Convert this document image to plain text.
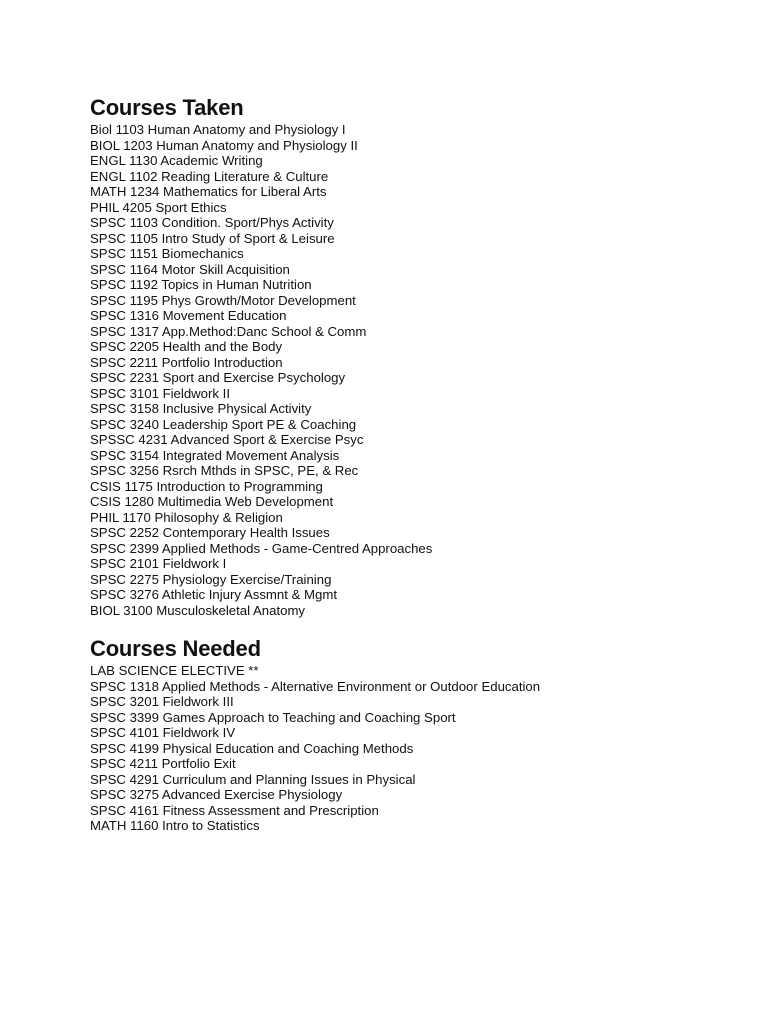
Courses Taken
Biol 1103 Human Anatomy and Physiology I
BIOL 1203 Human Anatomy and Physiology II
ENGL 1130 Academic Writing
ENGL 1102 Reading Literature & Culture
MATH 1234 Mathematics for Liberal Arts
PHIL 4205 Sport Ethics
SPSC 1103 Condition. Sport/Phys Activity
SPSC 1105 Intro Study of Sport & Leisure
SPSC 1151 Biomechanics
SPSC 1164 Motor Skill Acquisition
SPSC 1192 Topics in Human Nutrition
SPSC 1195 Phys Growth/Motor Development
SPSC 1316 Movement Education
SPSC 1317 App.Method:Danc School & Comm
SPSC 2205 Health and the Body
SPSC 2211 Portfolio Introduction
SPSC 2231 Sport and Exercise Psychology
SPSC 3101 Fieldwork II
SPSC 3158 Inclusive Physical Activity
SPSC 3240 Leadership Sport PE & Coaching
SPSSC 4231 Advanced Sport & Exercise Psyc
SPSC 3154 Integrated Movement Analysis
SPSC 3256 Rsrch Mthds in SPSC, PE, & Rec
CSIS 1175 Introduction to Programming
CSIS 1280 Multimedia Web Development
PHIL 1170 Philosophy & Religion
SPSC 2252 Contemporary Health Issues
SPSC 2399 Applied Methods - Game-Centred Approaches
SPSC 2101 Fieldwork I
SPSC 2275 Physiology Exercise/Training
SPSC 3276 Athletic Injury Assmnt & Mgmt
BIOL 3100 Musculoskeletal Anatomy
Courses Needed
LAB SCIENCE ELECTIVE **
SPSC 1318 Applied Methods - Alternative Environment or Outdoor Education
SPSC 3201 Fieldwork III
SPSC 3399 Games Approach to Teaching and Coaching Sport
SPSC 4101 Fieldwork IV
SPSC 4199 Physical Education and Coaching Methods
SPSC 4211 Portfolio Exit
SPSC 4291 Curriculum and Planning Issues in Physical
SPSC 3275 Advanced Exercise Physiology
SPSC 4161 Fitness Assessment and Prescription
MATH 1160 Intro to Statistics
